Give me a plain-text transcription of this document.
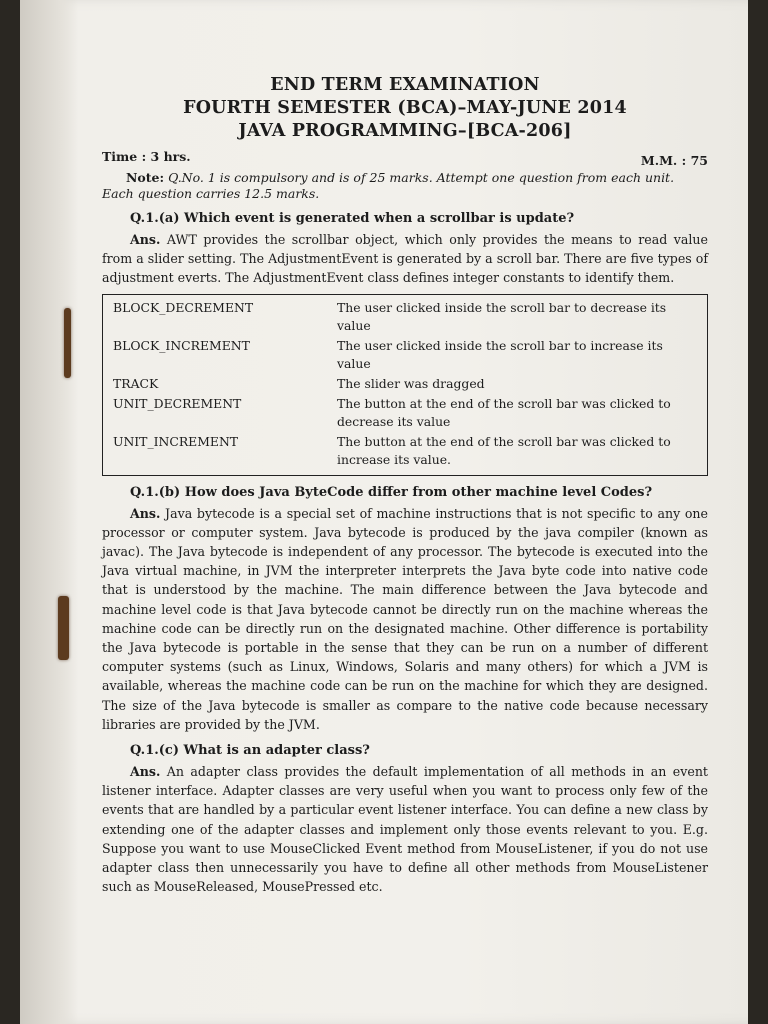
END TERM EXAMINATION
FOURTH SEMESTER (BCA)–MAY-JUNE 2014
JAVA PROGRAMMING–[BCA-206]
Time : 3 hrs.	M.M. : 75
Note: Q.No. 1 is compulsory and is of 25 marks. Attempt one question from each unit. Each question carries 12.5 marks.
Q.1.(a) Which event is generated when a scrollbar is update?
Ans. AWT provides the scrollbar object, which only provides the means to read value from a slider setting. The AdjustmentEvent is generated by a scroll bar. There are five types of adjustment everts. The AdjustmentEvent class defines integer constants to identify them.
BLOCK_DECREMENT	The user clicked inside the scroll bar to decrease its value
BLOCK_INCREMENT	The user clicked inside the scroll bar to increase its value
TRACK	The slider was dragged
UNIT_DECREMENT	The button at the end of the scroll bar was clicked to decrease its value
UNIT_INCREMENT	The button at the end of the scroll bar was clicked to increase its value.
Q.1.(b) How does Java ByteCode differ from other machine level Codes?
Ans. Java bytecode is a special set of machine instructions that is not specific to any one processor or computer system. Java bytecode is produced by the java compiler (known as javac). The Java bytecode is independent of any processor. The bytecode is executed into the Java virtual machine, in JVM the interpreter interprets the Java byte code into native code that is understood by the machine. The main difference between the Java bytecode and machine level code is that Java bytecode cannot be directly run on the machine whereas the machine code can be directly run on the designated machine. Other difference is portability the Java bytecode is portable in the sense that they can be run on a number of different computer systems (such as Linux, Windows, Solaris and many others) for which a JVM is available, whereas the machine code can be run on the machine for which they are designed. The size of the Java bytecode is smaller as compare to the native code because necessary libraries are provided by the JVM.
Q.1.(c) What is an adapter class?
Ans. An adapter class provides the default implementation of all methods in an event listener interface. Adapter classes are very useful when you want to process only few of the events that are handled by a particular event listener interface. You can define a new class by extending one of the adapter classes and implement only those events relevant to you. E.g. Suppose you want to use MouseClicked Event method from MouseListener, if you do not use adapter class then unnecessarily you have to define all other methods from MouseListener such as MouseReleased, MousePressed etc.
